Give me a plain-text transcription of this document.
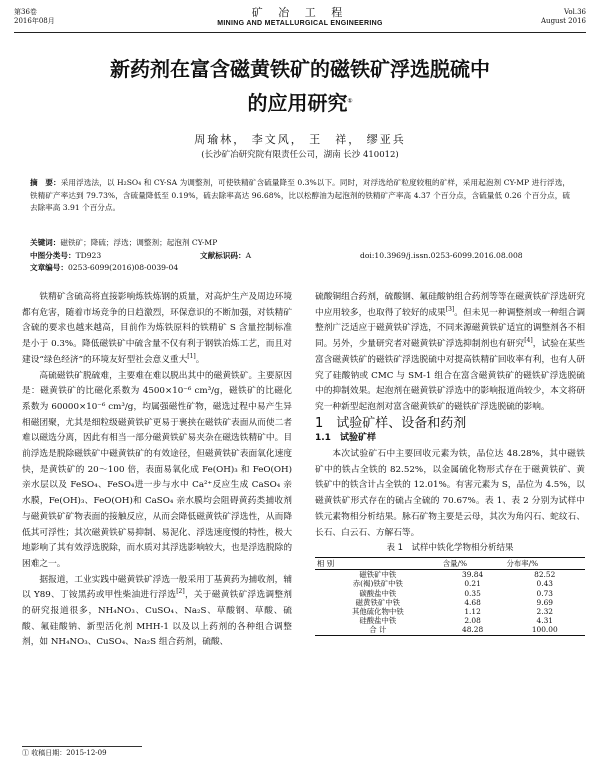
第36卷
2016年08月
矿 冶 工 程
MINING AND METALLURGICAL ENGINEERING
Vol.36
August 2016
新药剂在富含磁黄铁矿的磁铁矿浮选脱硫中
的应用研究①
周瑜林， 李文风， 王　祥， 缪亚兵
(长沙矿冶研究院有限责任公司，湖南 长沙 410012)
摘　要：采用浮选法，以 H₂SO₄ 和 CY-SA 为调整剂，可使铁精矿含硫量降至 0.3%以下。同时，对浮选给矿粒度较粗的矿样，采用起泡剂 CY-MP 进行浮选，铁精矿产率达到 79.73%，含硫量降低至 0.19%，硫去除率高达 96.68%，比以松醇油为起泡剂的铁精矿产率高 4.37 个百分点，含硫量低 0.26 个百分点，硫去除率高 3.91 个百分点。
关键词：磁铁矿；降硫；浮选；调整剂；起泡剂 CY-MP
中图分类号：TD923	文献标识码：A	doi:10.3969/j.issn.0253-6099.2016.08.008
文章编号：0253-6099(2016)08-0039-04

铁精矿含硫高将直接影响炼铁炼钢的质量，对高炉生产及周边环境都有危害，随着市场竞争的日趋激烈，环保意识的不断加强，对铁精矿含硫的要求也越来越高，目前作为炼铁原料的铁精矿 S 含量控制标准是小于 0.3%。降低磁铁矿中硫含量不仅有利于钢铁冶炼工艺，而且对建设“绿色经济”的环境友好型社会意义重大[1]。

高硫磁铁矿脱硫难，主要难在难以脱出其中的磁黄铁矿。主要原因是：磁黄铁矿的比磁化系数为 4500×10⁻⁶ cm³/g，磁铁矿的比磁化系数为 60000×10⁻⁶ cm³/g，均属强磁性矿物，磁选过程中易产生异相磁团聚，尤其是细粒级磁黄铁矿更易于裹挟在磁铁矿表面从而使二者难以磁选分离，因此有相当一部分磁黄铁矿易夹杂在磁选铁精矿中。目前浮选是脱除磁铁矿中磁黄铁矿的有效途径，但磁黄铁矿表面氧化速度快，是黄铁矿的 20～100 倍，表面易氧化成 Fe(OH)₃ 和 FeO(OH) 亲水层以及 FeSO₄、FeSO₄进一步与水中 Ca²⁺反应生成 CaSO₄ 亲水膜，Fe(OH)₃、FeO(OH)和 CaSO₄ 亲水膜均会阻碍黄药类捕收剂与磁黄铁矿矿物表面的接触反应，从而会降低磁黄铁矿浮选性，从而降低其可浮性；其次磁黄铁矿易抑制、易泥化、浮选速度慢的特性，极大地影响了其有效浮选脱除，而水质对其浮选影响较大，也是浮选脱除的困难之一。

据报道，工业实践中磁黄铁矿浮选一般采用丁基黄药为捕收剂，辅以 Y89、丁铵黑药或甲性柴油进行浮选[2]，关于磁黄铁矿浮选调整剂的研究报道很多，NH₄NO₃、CuSO₄、Na₂S、草酸钢、草酸、硫酸、氟硅酸钠、新型活化剂 MHH-1 以及以上药剂的各种组合调整剂，如 NH₄NO₃、CuSO₄、Na₂S 组合药剂，硫酸、

硫酸铜组合药剂，硫酸钢、氟硅酸钠组合药剂等等在磁黄铁矿浮选研究中应用较多，也取得了较好的成果[3]。但未见一种调整剂或一种组合调整剂广泛适应于磁黄铁矿浮选，不同来源磁黄铁矿适宜的调整剂各不相同。另外，少量研究者对磁黄铁矿浮选抑制剂也有研究[4]，试验在某些富含磁黄铁矿的磁铁矿浮选脱硫中对提高铁精矿回收率有利，也有人研究了硅酸钠或 CMC 与 SM-1 组合在富含磁黄铁矿的磁铁矿浮选脱硫中的抑制效果。起泡剂在磁黄铁矿浮选中的影响报道尚较少，本文将研究一种新型起泡剂对富含磁黄铁矿的磁铁矿浮选脱硫的影响。

1　试验矿样、设备和药剂

1.1　试验矿样

本次试验矿石中主要回收元素为铁，品位达 48.28%，其中磁铁矿中的铁占全铁的 82.52%，以金属硫化物形式存在于磁黄铁矿、黄铁矿中的铁含计占全铁的 12.01%。有害元素为 S，品位为 4.5%，以磁黄铁矿形式存在的硫占全硫的 70.67%。表 1、表 2 分别为试样中铁元素物相分析结果。脉石矿物主要是云母，其次为角闪石、蛇纹石、长石、白云石、方解石等。

表 1　试样中铁化学物相分析结果

相 别	含量/%	分布率/%
磁铁矿中铁	39.84	82.52
赤(褐)铁矿中铁	0.21	0.43
碳酸盐中铁	0.35	0.73
磁黄铁矿中铁	4.68	9.69
其他硫化物中铁	1.12	2.32
硅酸盐中铁	2.08	4.31
合 计	48.28	100.00
① 收稿日期：2015-12-09
